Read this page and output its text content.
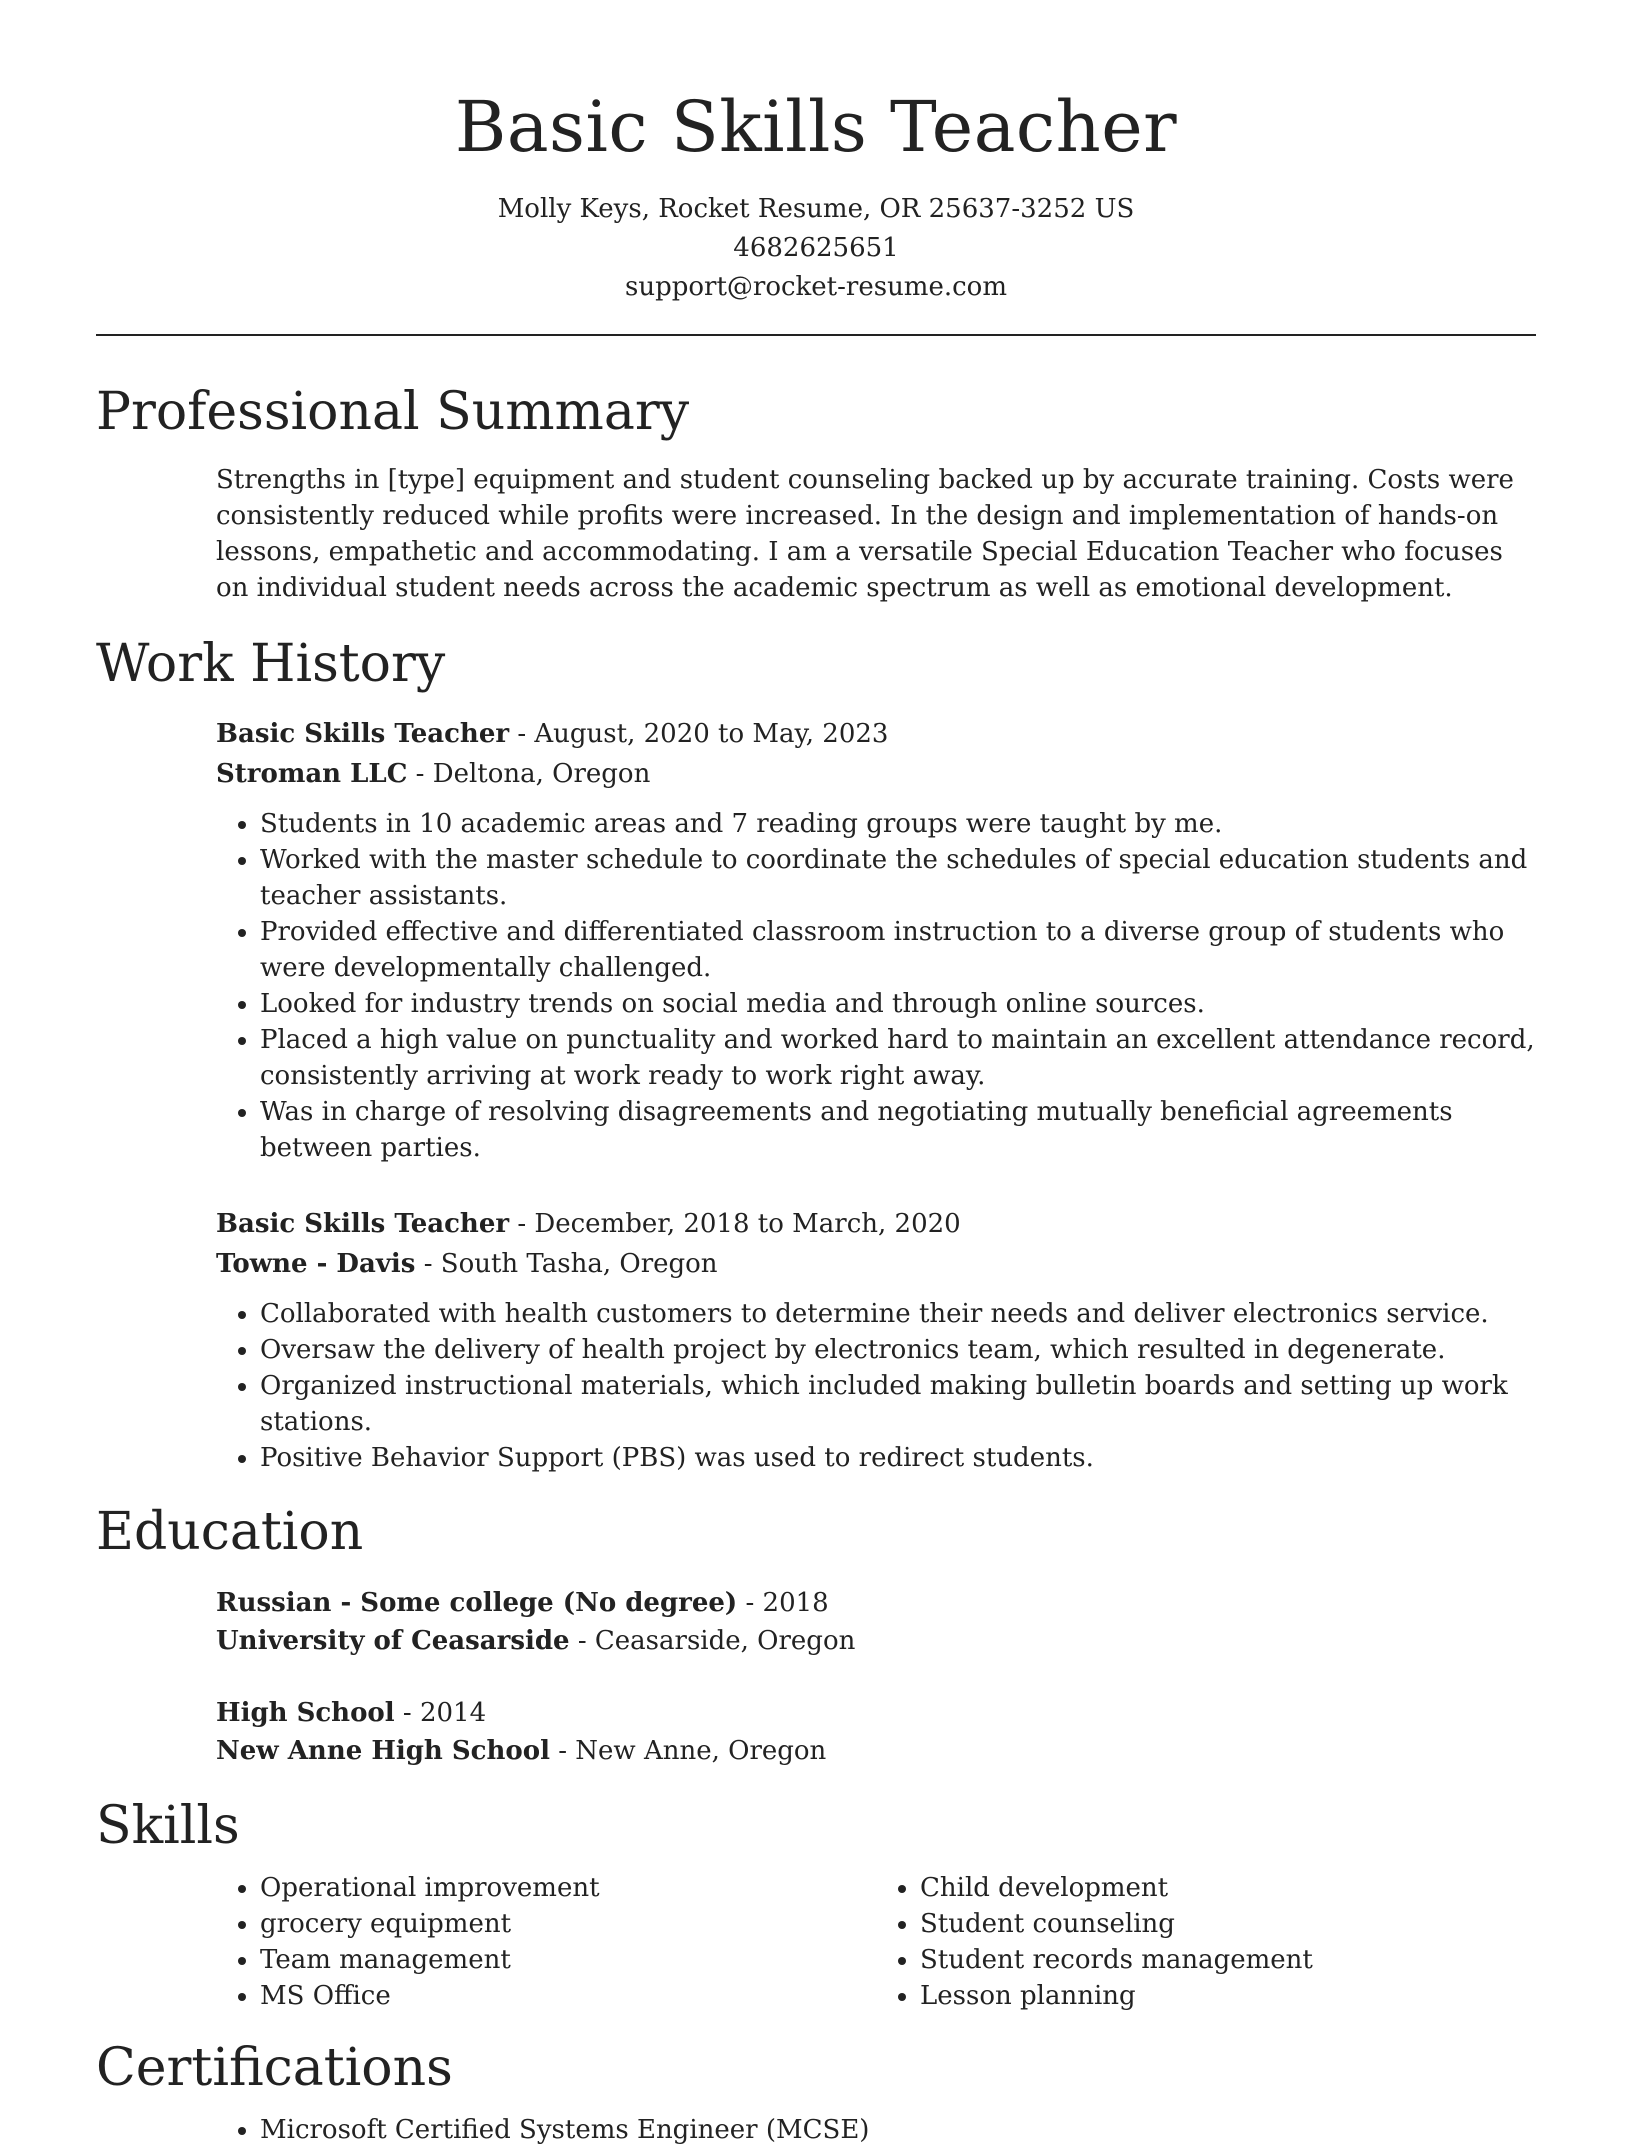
Basic Skills Teacher
Molly Keys, Rocket Resume, OR 25637-3252 US
4682625651
support@rocket-resume.com
Professional Summary

Strengths in [type] equipment and student counseling backed up by accurate training. Costs were consistently reduced while profits were increased. In the design and implementation of hands-on lessons, empathetic and accommodating. I am a versatile Special Education Teacher who focuses on individual student needs across the academic spectrum as well as emotional development.

Work History
Basic Skills Teacher - August, 2020 to May, 2023
Stroman LLC - Deltona, Oregon
• Students in 10 academic areas and 7 reading groups were taught by me.
• Worked with the master schedule to coordinate the schedules of special education students and teacher assistants.
• Provided effective and differentiated classroom instruction to a diverse group of students who were developmentally challenged.
• Looked for industry trends on social media and through online sources.
• Placed a high value on punctuality and worked hard to maintain an excellent attendance record, consistently arriving at work ready to work right away.
• Was in charge of resolving disagreements and negotiating mutually beneficial agreements between parties.
Basic Skills Teacher - December, 2018 to March, 2020
Towne - Davis - South Tasha, Oregon
• Collaborated with health customers to determine their needs and deliver electronics service.
• Oversaw the delivery of health project by electronics team, which resulted in degenerate.
• Organized instructional materials, which included making bulletin boards and setting up work stations.
• Positive Behavior Support (PBS) was used to redirect students.
Education
Russian - Some college (No degree) - 2018
University of Ceasarside - Ceasarside, Oregon
High School - 2014
New Anne High School - New Anne, Oregon
Skills
• Operational improvement
• grocery equipment
• Team management
• MS Office
• Child development
• Student counseling
• Student records management
• Lesson planning
Certifications
• Microsoft Certified Systems Engineer (MCSE)
